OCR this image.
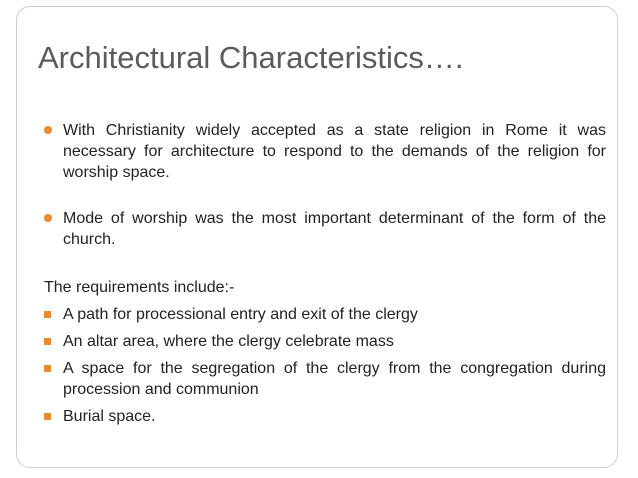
Architectural Characteristics….
With Christianity widely accepted as a state religion in Rome it was necessary for architecture to respond to the demands of the religion for worship space.
Mode of worship was the most important determinant of the form of the church.
The requirements include:-
A path for processional entry and exit of the clergy
An altar area, where the clergy celebrate mass
A space for the segregation of the clergy from the congregation during procession and communion
Burial space.
